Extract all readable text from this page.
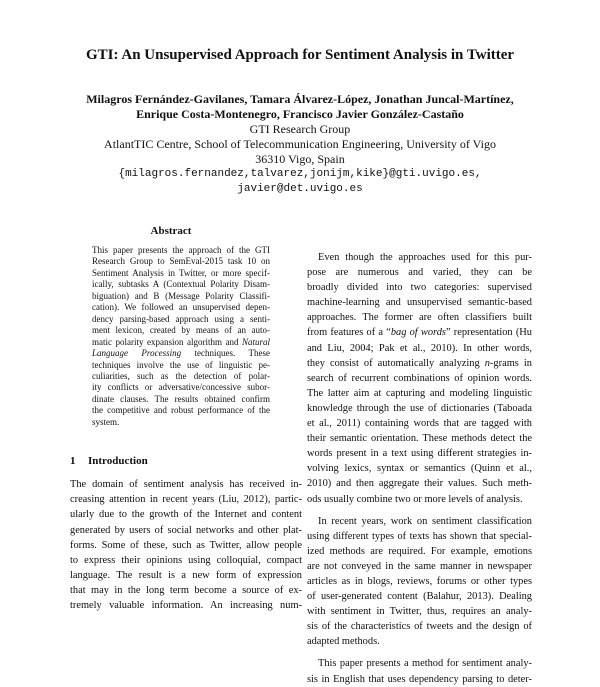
GTI: An Unsupervised Approach for Sentiment Analysis in Twitter
Milagros Fernández-Gavilanes, Tamara Álvarez-López, Jonathan Juncal-Martínez,
Enrique Costa-Montenegro, Francisco Javier González-Castaño
GTI Research Group
AtlantTIC Centre, School of Telecommunication Engineering, University of Vigo
36310 Vigo, Spain
{milagros.fernandez,talvarez,jonijm,kike}@gti.uvigo.es,
javier@det.uvigo.es
Abstract
This paper presents the approach of the GTI
Research Group to SemEval-2015 task 10 on
Sentiment Analysis in Twitter, or more specif-
ically, subtasks A (Contextual Polarity Disam-
biguation) and B (Message Polarity Classifi-
cation). We followed an unsupervised depen-
dency parsing-based approach using a senti-
ment lexicon, created by means of an auto-
matic polarity expansion algorithm and Natural
Language Processing techniques. These
techniques involve the use of linguistic pe-
culiarities, such as the detection of polar-
ity conflicts or adversative/concessive subor-
dinate clauses. The results obtained confirm
the competitive and robust performance of the
system.
1 Introduction
The domain of sentiment analysis has received in-
creasing attention in recent years (Liu, 2012), partic-
ularly due to the growth of the Internet and content
generated by users of social networks and other plat-
forms. Some of these, such as Twitter, allow people
to express their opinions using colloquial, compact
language. The result is a new form of expression
that may in the long term become a source of ex-
tremely valuable information. An increasing num-
Even though the approaches used for this pur-
pose are numerous and varied, they can be
broadly divided into two categories: supervised
machine-learning and unsupervised semantic-based
approaches. The former are often classifiers built
from features of a “bag of words” representation (Hu
and Liu, 2004; Pak et al., 2010). In other words,
they consist of automatically analyzing n-grams in
search of recurrent combinations of opinion words.
The latter aim at capturing and modeling linguistic
knowledge through the use of dictionaries (Taboada
et al., 2011) containing words that are tagged with
their semantic orientation. These methods detect the
words present in a text using different strategies in-
volving lexics, syntax or semantics (Quinn et al.,
2010) and then aggregate their values. Such meth-
ods usually combine two or more levels of analysis.
In recent years, work on sentiment classification
using different types of texts has shown that special-
ized methods are required. For example, emotions
are not conveyed in the same manner in newspaper
articles as in blogs, reviews, forums or other types
of user-generated content (Balahur, 2013). Dealing
with sentiment in Twitter, thus, requires an analy-
sis of the characteristics of tweets and the design of
adapted methods.
This paper presents a method for sentiment analy-
sis in English that uses dependency parsing to deter-
